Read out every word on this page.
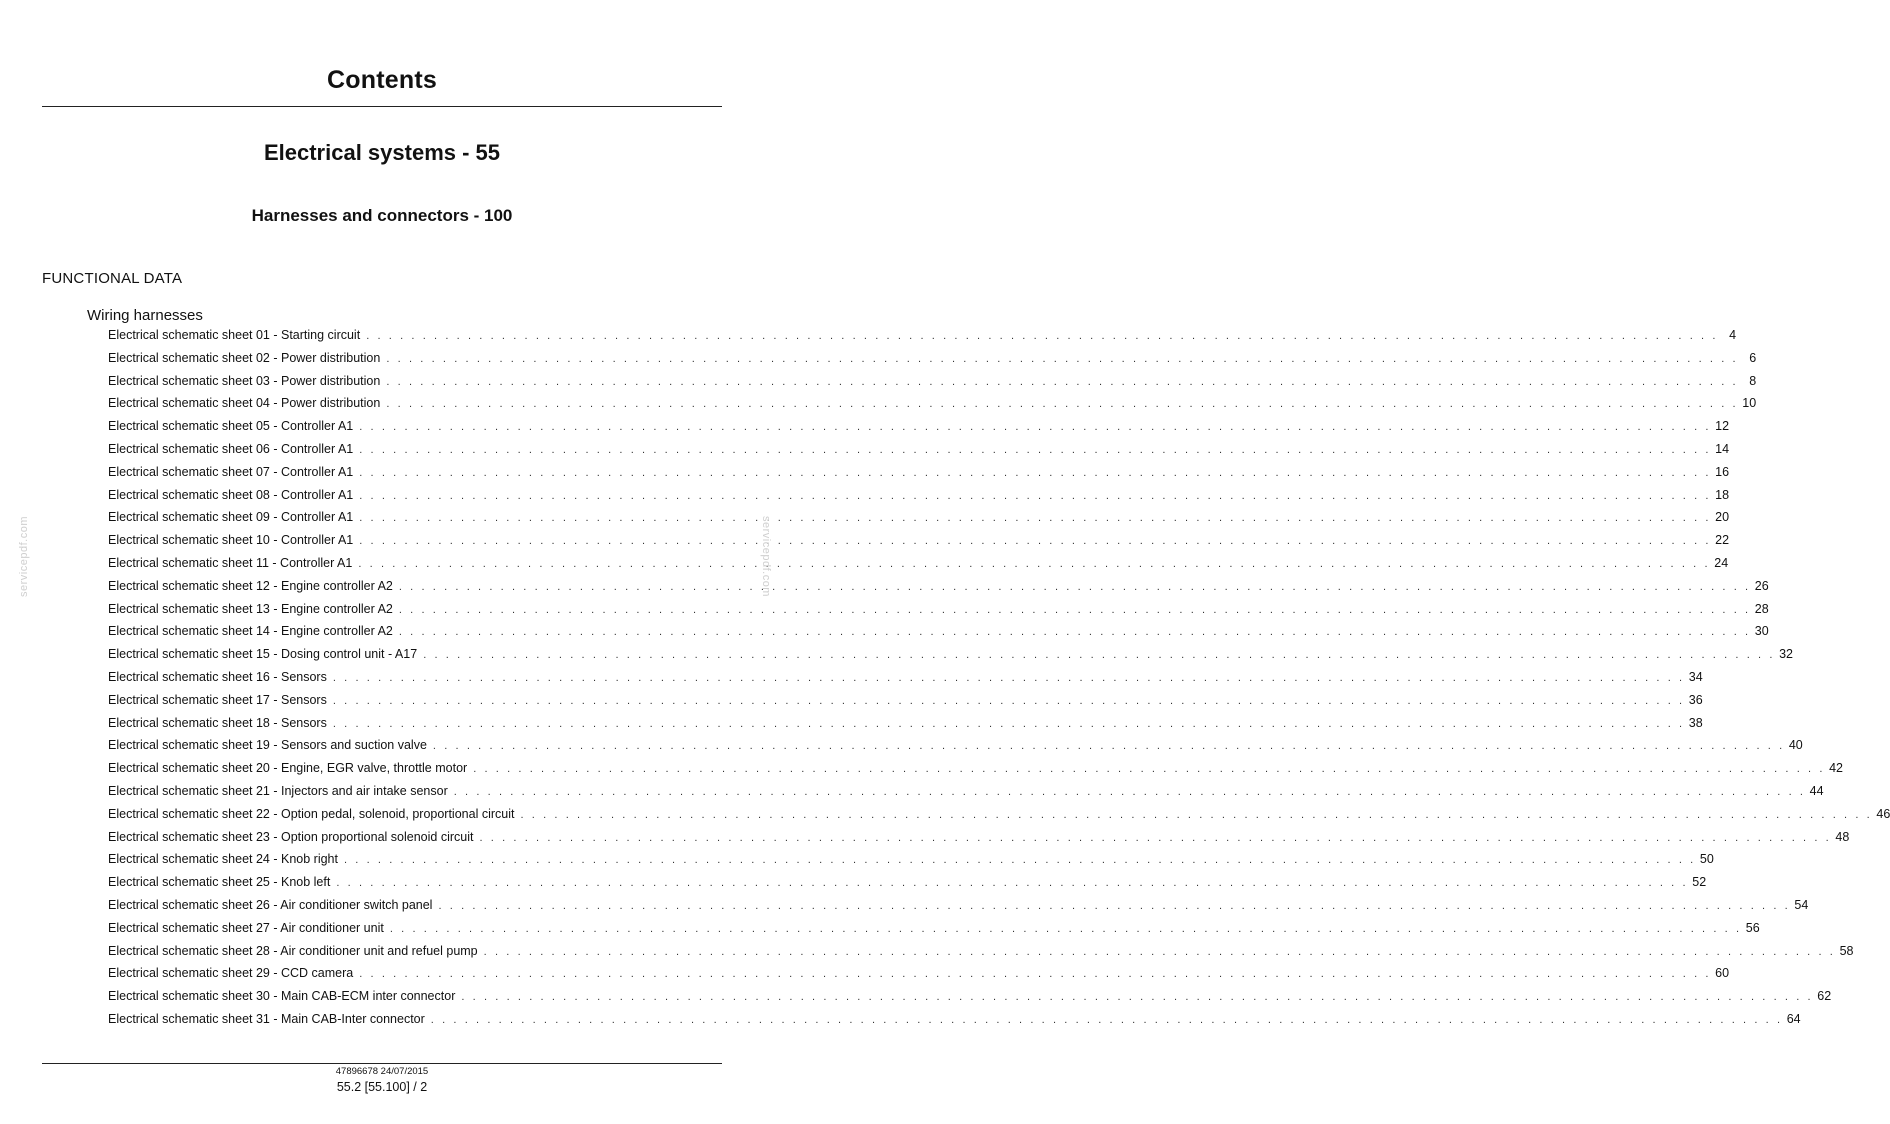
Contents
Electrical systems - 55
Harnesses and connectors - 100
FUNCTIONAL DATA
Wiring harnesses
Electrical schematic sheet 01 - Starting circuit . . . . . . . . . . . . . . . . . . . . . . . . . . . . . . . . . . . . . . . . . . . . . . . . . . . . . . . . . . . . . . . . . . . . . . . . . . . . . . . . . . . . . . . . . . . . . . . . . . . . . . . . . . . . . . . . . . . . . . . . 4
Electrical schematic sheet 02 - Power distribution . . . . . . . . . . . . . . . . . . . . . . . . . . . . . . . . . . . . . . . . . . . . . . . . . . . . . . . . . . . . . . . . . . . . . . . . . . . . . . . . . . . . . . . . . . . . . . . . . . . . . . . . . . . . . . . . . . . . . . . . 6
Electrical schematic sheet 03 - Power distribution . . . . . . . . . . . . . . . . . . . . . . . . . . . . . . . . . . . . . . . . . . . . . . . . . . . . . . . . . . . . . . . . . . . . . . . . . . . . . . . . . . . . . . . . . . . . . . . . . . . . . . . . . . . . . . . . . . . . . . . . 8
Electrical schematic sheet 04 - Power distribution . . . . . . . . . . . . . . . . . . . . . . . . . . . . . . . . . . . . . . . . . . . . . . . . . . . . . . . . . . . . . . . . . . . . . . . . . . . . . . . . . . . . . . . . . . . . . . . . . . . . . . . . . . . . . . . . . . . . . . . . 10
Electrical schematic sheet 05 - Controller A1 . . . . . . . . . . . . . . . . . . . . . . . . . . . . . . . . . . . . . . . . . . . . . . . . . . . . . . . . . . . . . . . . . . . . . . . . . . . . . . . . . . . . . . . . . . . . . . . . . . . . . . . . . . . . . . . . . . . . . . . . 12
Electrical schematic sheet 06 - Controller A1 . . . . . . . . . . . . . . . . . . . . . . . . . . . . . . . . . . . . . . . . . . . . . . . . . . . . . . . . . . . . . . . . . . . . . . . . . . . . . . . . . . . . . . . . . . . . . . . . . . . . . . . . . . . . . . . . . . . . . . . . 14
Electrical schematic sheet 07 - Controller A1 . . . . . . . . . . . . . . . . . . . . . . . . . . . . . . . . . . . . . . . . . . . . . . . . . . . . . . . . . . . . . . . . . . . . . . . . . . . . . . . . . . . . . . . . . . . . . . . . . . . . . . . . . . . . . . . . . . . . . . . . 16
Electrical schematic sheet 08 - Controller A1 . . . . . . . . . . . . . . . . . . . . . . . . . . . . . . . . . . . . . . . . . . . . . . . . . . . . . . . . . . . . . . . . . . . . . . . . . . . . . . . . . . . . . . . . . . . . . . . . . . . . . . . . . . . . . . . . . . . . . . . . 18
Electrical schematic sheet 09 - Controller A1 . . . . . . . . . . . . . . . . . . . . . . . . . . . . . . . . . . . . . . . . . . . . . . . . . . . . . . . . . . . . . . . . . . . . . . . . . . . . . . . . . . . . . . . . . . . . . . . . . . . . . . . . . . . . . . . . . . . . . . . . 20
Electrical schematic sheet 10 - Controller A1 . . . . . . . . . . . . . . . . . . . . . . . . . . . . . . . . . . . . . . . . . . . . . . . . . . . . . . . . . . . . . . . . . . . . . . . . . . . . . . . . . . . . . . . . . . . . . . . . . . . . . . . . . . . . . . . . . . . . . . . . 22
Electrical schematic sheet 11 - Controller A1 . . . . . . . . . . . . . . . . . . . . . . . . . . . . . . . . . . . . . . . . . . . . . . . . . . . . . . . . . . . . . . . . . . . . . . . . . . . . . . . . . . . . . . . . . . . . . . . . . . . . . . . . . . . . . . . . . . . . . . . . 24
Electrical schematic sheet 12 - Engine controller A2 . . . . . . . . . . . . . . . . . . . . . . . . . . . . . . . . . . . . . . . . . . . . . . . . . . . . . . . . . . . . . . . . . . . . . . . . . . . . . . . . . . . . . . . . . . . . . . . . . . . . . . . . . . . . . . . . . . . . . . . . 26
Electrical schematic sheet 13 - Engine controller A2 . . . . . . . . . . . . . . . . . . . . . . . . . . . . . . . . . . . . . . . . . . . . . . . . . . . . . . . . . . . . . . . . . . . . . . . . . . . . . . . . . . . . . . . . . . . . . . . . . . . . . . . . . . . . . . . . . . . . . . . . 28
Electrical schematic sheet 14 - Engine controller A2 . . . . . . . . . . . . . . . . . . . . . . . . . . . . . . . . . . . . . . . . . . . . . . . . . . . . . . . . . . . . . . . . . . . . . . . . . . . . . . . . . . . . . . . . . . . . . . . . . . . . . . . . . . . . . . . . . . . . . . . . 30
Electrical schematic sheet 15 - Dosing control unit - A17 . . . . . . . . . . . . . . . . . . . . . . . . . . . . . . . . . . . . . . . . . . . . . . . . . . . . . . . . . . . . . . . . . . . . . . . . . . . . . . . . . . . . . . . . . . . . . . . . . . . . . . . . . . . . . . . . . . . . . . . . 32
Electrical schematic sheet 16 - Sensors . . . . . . . . . . . . . . . . . . . . . . . . . . . . . . . . . . . . . . . . . . . . . . . . . . . . . . . . . . . . . . . . . . . . . . . . . . . . . . . . . . . . . . . . . . . . . . . . . . . . . . . . . . . . . . . . . . . . . . . . 34
Electrical schematic sheet 17 - Sensors . . . . . . . . . . . . . . . . . . . . . . . . . . . . . . . . . . . . . . . . . . . . . . . . . . . . . . . . . . . . . . . . . . . . . . . . . . . . . . . . . . . . . . . . . . . . . . . . . . . . . . . . . . . . . . . . . . . . . . . . 36
Electrical schematic sheet 18 - Sensors . . . . . . . . . . . . . . . . . . . . . . . . . . . . . . . . . . . . . . . . . . . . . . . . . . . . . . . . . . . . . . . . . . . . . . . . . . . . . . . . . . . . . . . . . . . . . . . . . . . . . . . . . . . . . . . . . . . . . . . . 38
Electrical schematic sheet 19 - Sensors and suction valve . . . . . . . . . . . . . . . . . . . . . . . . . . . . . . . . . . . . . . . . . . . . . . . . . . . . . . . . . . . . . . . . . . . . . . . . . . . . . . . . . . . . . . . . . . . . . . . . . . . . . . . . . . . . . . . . . . . . . . . . 40
Electrical schematic sheet 20 - Engine, EGR valve, throttle motor . . . . . . . . . . . . . . . . . . . . . . . . . . . . . . . . . . . . . . . . . . . . . . . . . . . . . . . . . . . . . . . . . . . . . . . . . . . . . . . . . . . . . . . . . . . . . . . . . . . . . . . . . . . . . . . . . . . . . . . . 42
Electrical schematic sheet 21 - Injectors and air intake sensor . . . . . . . . . . . . . . . . . . . . . . . . . . . . . . . . . . . . . . . . . . . . . . . . . . . . . . . . . . . . . . . . . . . . . . . . . . . . . . . . . . . . . . . . . . . . . . . . . . . . . . . . . . . . . . . . . . . . . . . . 44
Electrical schematic sheet 22 - Option pedal, solenoid, proportional circuit . . . . . . . . . . . . . . . . . . . . . . . . . . . . . . . . . . . . . . . . . . . . . . . . . . . . . . . . . . . . . . . . . . . . . . . . . . . . . . . . . . . . . . . . . . . . . . . . . . . . . . . . . . . . . . . . . . . . . . . . 46
Electrical schematic sheet 23 - Option proportional solenoid circuit . . . . . . . . . . . . . . . . . . . . . . . . . . . . . . . . . . . . . . . . . . . . . . . . . . . . . . . . . . . . . . . . . . . . . . . . . . . . . . . . . . . . . . . . . . . . . . . . . . . . . . . . . . . . . . . . . . . . . . . . 48
Electrical schematic sheet 24 - Knob right . . . . . . . . . . . . . . . . . . . . . . . . . . . . . . . . . . . . . . . . . . . . . . . . . . . . . . . . . . . . . . . . . . . . . . . . . . . . . . . . . . . . . . . . . . . . . . . . . . . . . . . . . . . . . . . . . . . . . . . . 50
Electrical schematic sheet 25 - Knob left . . . . . . . . . . . . . . . . . . . . . . . . . . . . . . . . . . . . . . . . . . . . . . . . . . . . . . . . . . . . . . . . . . . . . . . . . . . . . . . . . . . . . . . . . . . . . . . . . . . . . . . . . . . . . . . . . . . . . . . . 52
Electrical schematic sheet 26 - Air conditioner switch panel . . . . . . . . . . . . . . . . . . . . . . . . . . . . . . . . . . . . . . . . . . . . . . . . . . . . . . . . . . . . . . . . . . . . . . . . . . . . . . . . . . . . . . . . . . . . . . . . . . . . . . . . . . . . . . . . . . . . . . . . 54
Electrical schematic sheet 27 - Air conditioner unit . . . . . . . . . . . . . . . . . . . . . . . . . . . . . . . . . . . . . . . . . . . . . . . . . . . . . . . . . . . . . . . . . . . . . . . . . . . . . . . . . . . . . . . . . . . . . . . . . . . . . . . . . . . . . . . . . . . . . . . . 56
Electrical schematic sheet 28 - Air conditioner unit and refuel pump . . . . . . . . . . . . . . . . . . . . . . . . . . . . . . . . . . . . . . . . . . . . . . . . . . . . . . . . . . . . . . . . . . . . . . . . . . . . . . . . . . . . . . . . . . . . . . . . . . . . . . . . . . . . . . . . . . . . . . . . 58
Electrical schematic sheet 29 - CCD camera . . . . . . . . . . . . . . . . . . . . . . . . . . . . . . . . . . . . . . . . . . . . . . . . . . . . . . . . . . . . . . . . . . . . . . . . . . . . . . . . . . . . . . . . . . . . . . . . . . . . . . . . . . . . . . . . . . . . . . . . 60
Electrical schematic sheet 30 - Main CAB-ECM inter connector . . . . . . . . . . . . . . . . . . . . . . . . . . . . . . . . . . . . . . . . . . . . . . . . . . . . . . . . . . . . . . . . . . . . . . . . . . . . . . . . . . . . . . . . . . . . . . . . . . . . . . . . . . . . . . . . . . . . . . . . 62
Electrical schematic sheet 31 - Main CAB-Inter connector . . . . . . . . . . . . . . . . . . . . . . . . . . . . . . . . . . . . . . . . . . . . . . . . . . . . . . . . . . . . . . . . . . . . . . . . . . . . . . . . . . . . . . . . . . . . . . . . . . . . . . . . . . . . . . . . . . . . . . . . 64
servicepdf.com	servicepdf.com
47896678 24/07/2015
55.2 [55.100] / 2
